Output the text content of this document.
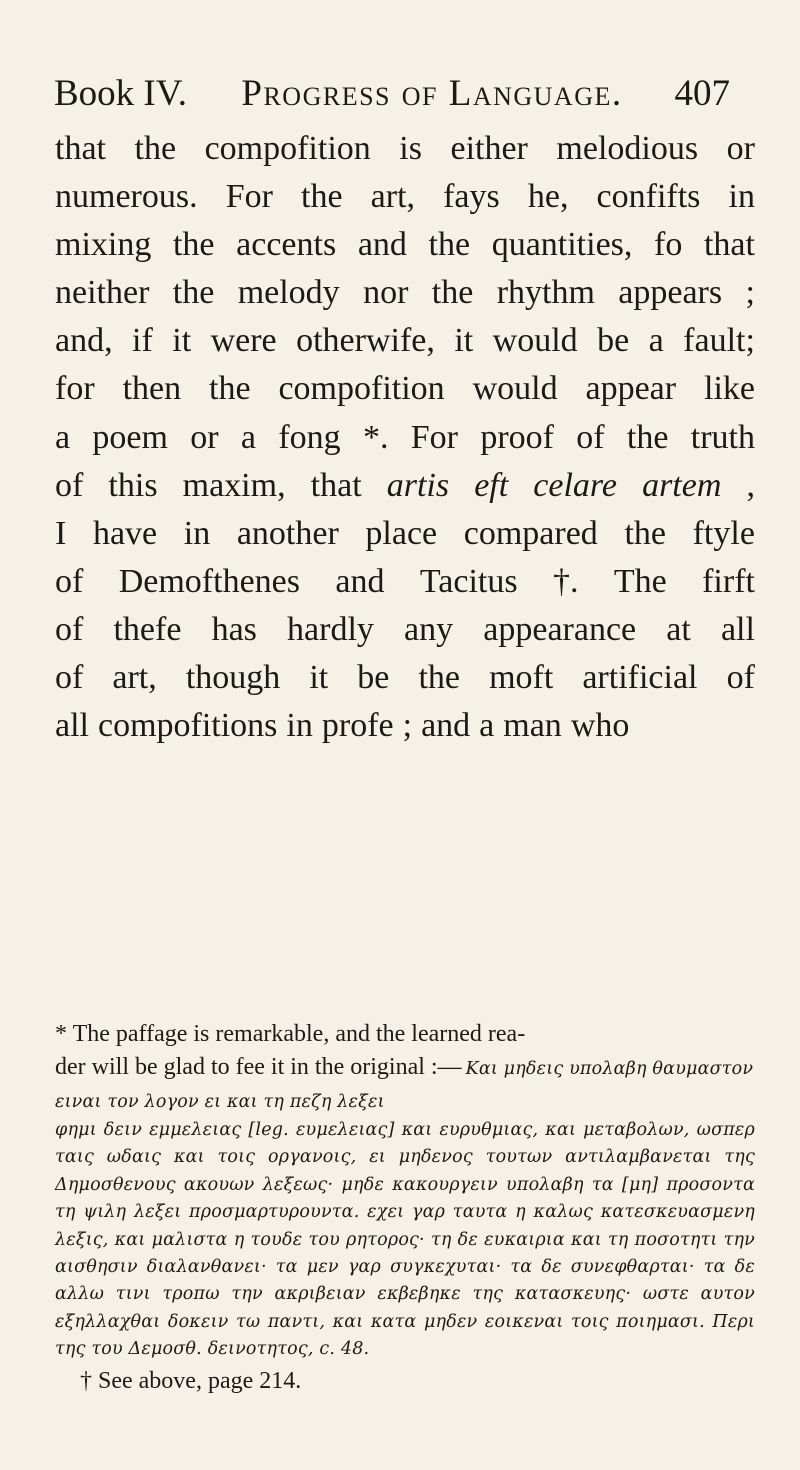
Book IV.	Progress of Language.	407
that the compofition is either melodious or
numerous. For the art, fays he, confifts in
mixing the accents and the quantities, fo that
neither the melody nor the rhythm appears ;
and, if it were otherwife, it would be a fault;
for then the compofition would appear like
a poem or a fong *. For proof of the truth
of this maxim, that artis eft celare artem ,
I have in another place compared the ftyle
of Demofthenes and Tacitus †. The firft
of thefe has hardly any appearance at all
of art, though it be the moft artificial of
all compofitions in profe ; and a man who
* The paffage is remarkable, and the learned rea-
der will be glad to fee it in the original :— Και μηδεις υπολαβη θαυμαστον ειναι τον λογον ει και τη πεζη λεξει
φημι δειν εμμελειας [leg. ευμελειας] και ευρυθμιας, και μεταβολων, ωσπερ ταις ωδαις και τοις οργανοις, ει μηδενος τουτων αντιλαμβανεται της Δημοσθενους ακουων λεξεως· μηδε κακουργειν υπολαβη τα [μη] προσοντα τη ψιλη λεξει προσμαρτυρουντα. εχει γαρ ταυτα η καλως κατεσκευασμενη λεξις, και μαλιστα η τουδε του ρητορος· τη δε ευκαιρια και τη ποσοτητι την αισθησιν διαλανθανει· τα μεν γαρ συγκεχυται· τα δε συνεφθαρται· τα δε αλλω τινι τροπω την ακριβειαν εκβεβηκε της κατασκευης· ωστε αυτον εξηλλαχθαι δοκειν τω παντι, και κατα μηδεν εοικεναι τοις ποιημασι. Περι της του Δεμοσθ. δεινοτητος, c. 48.
† See above, page 214.
